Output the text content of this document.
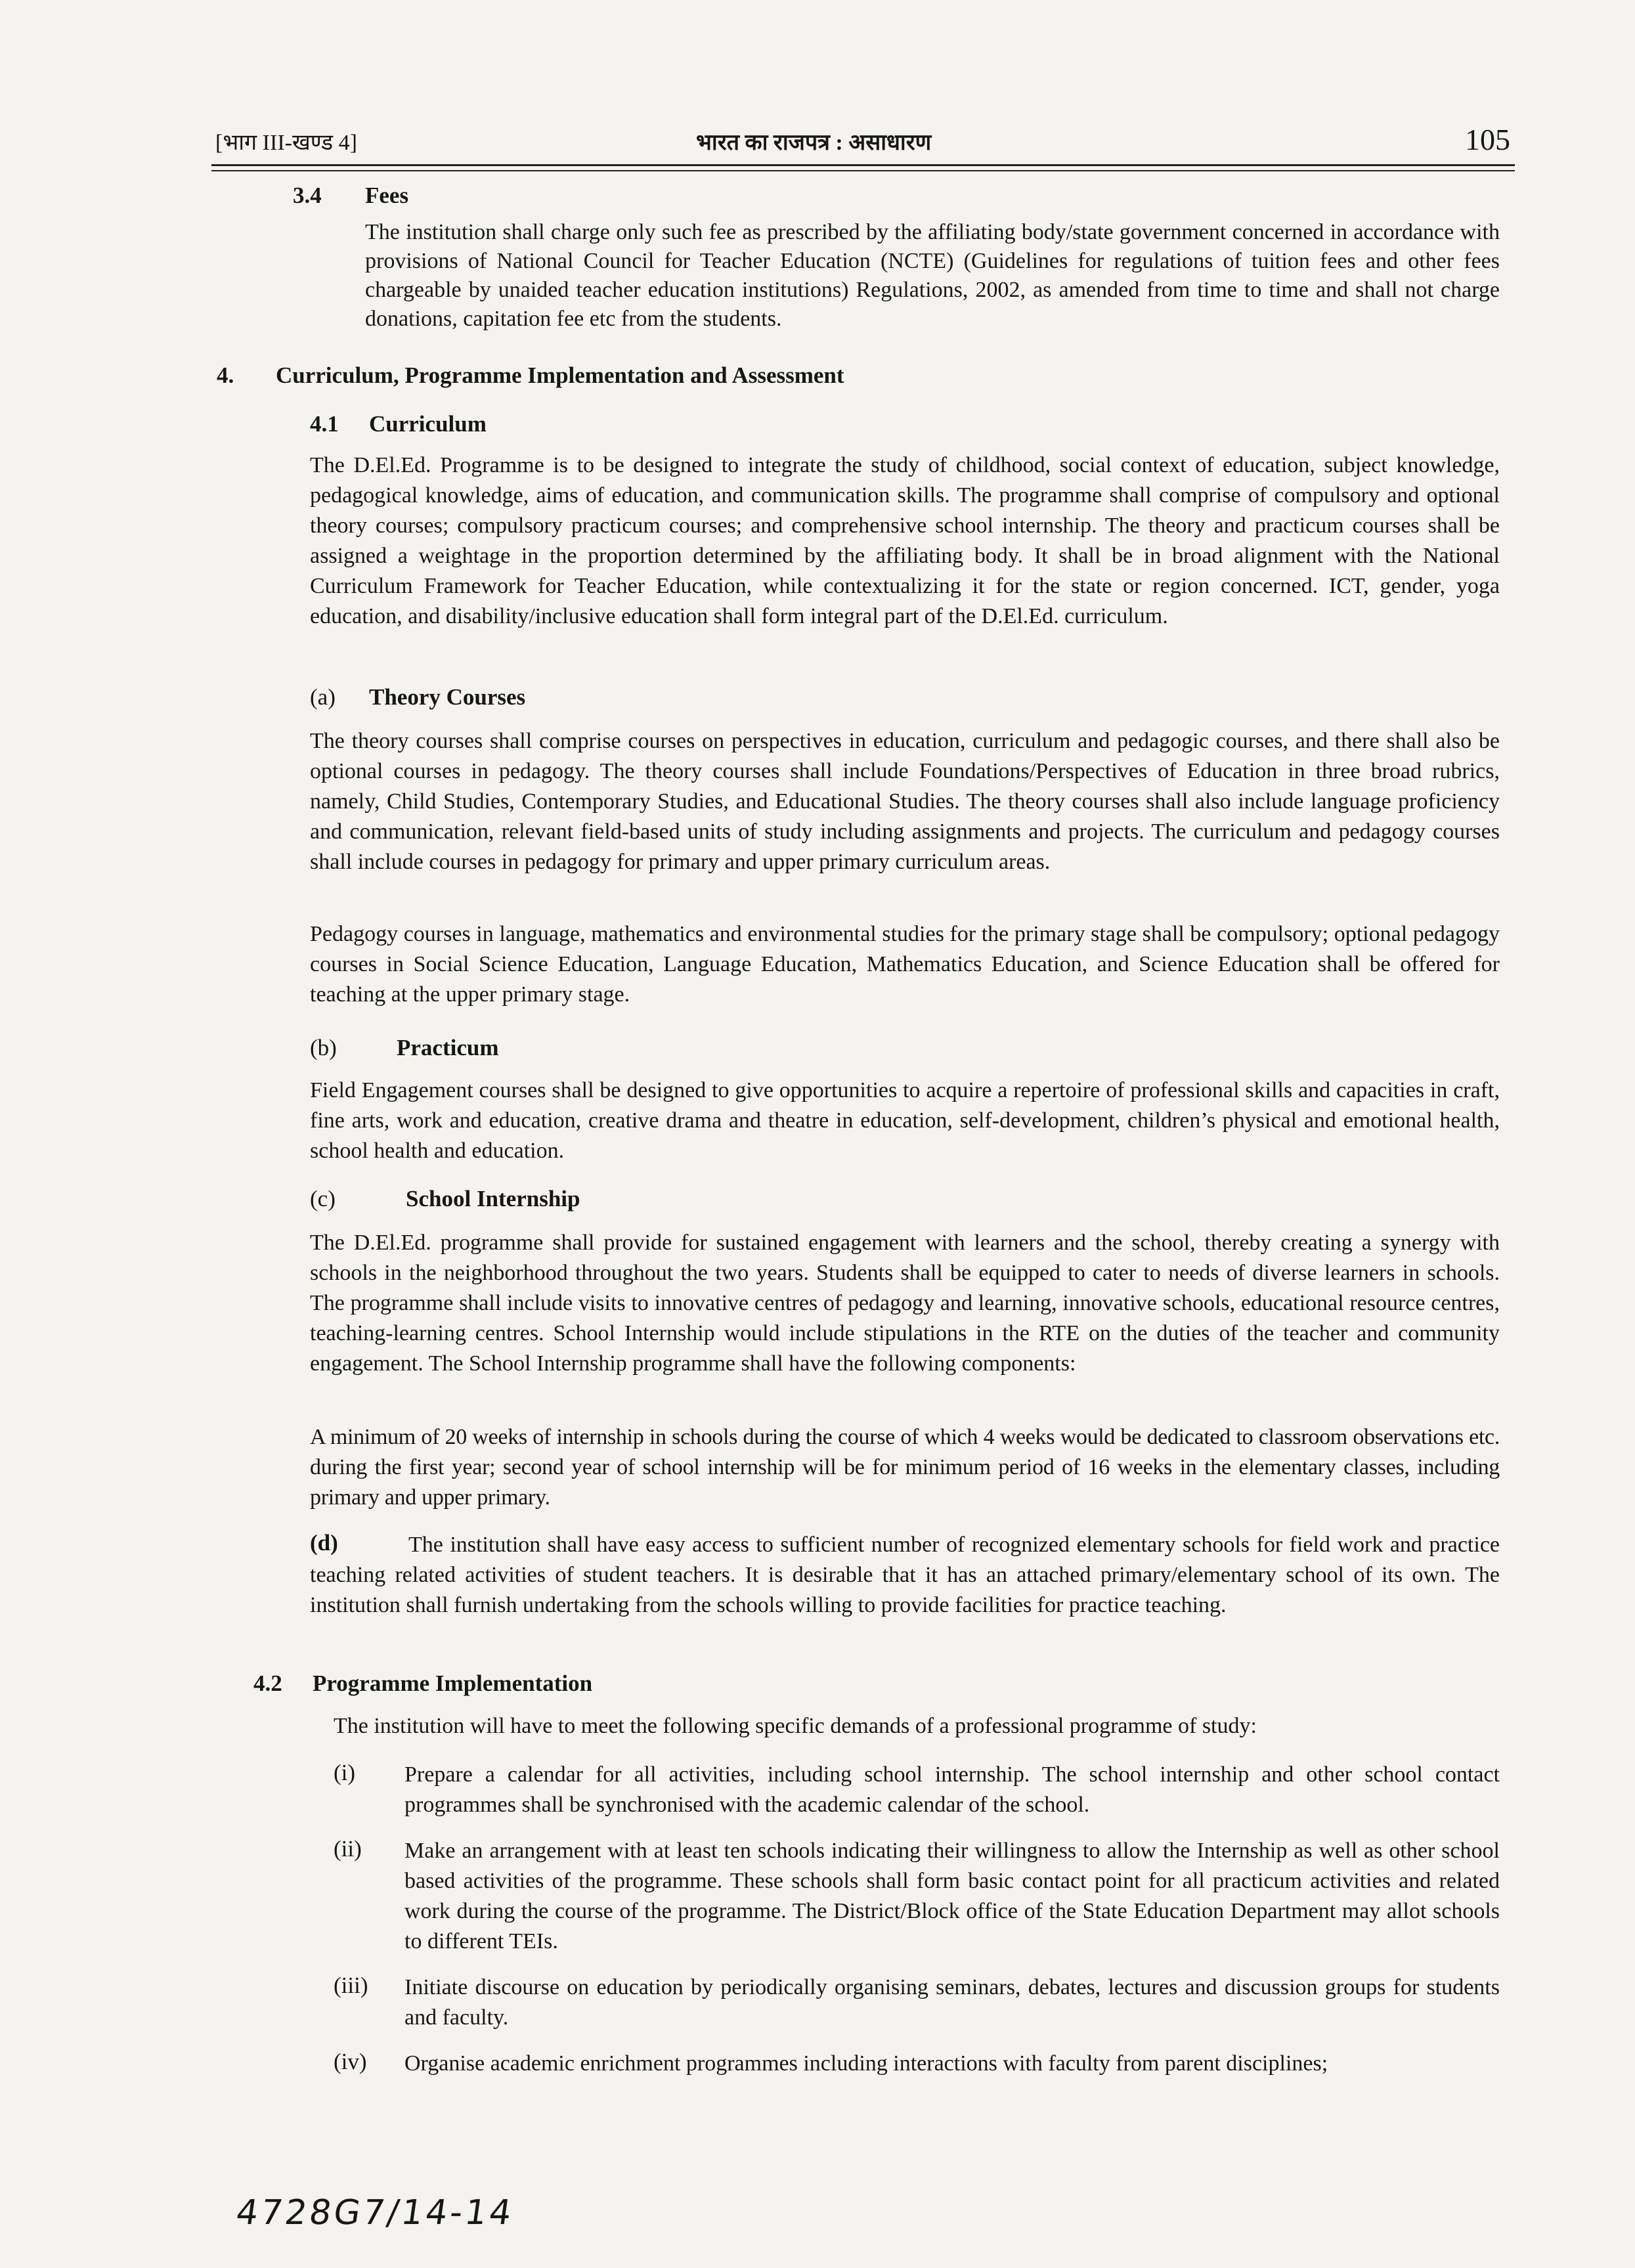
[भाग III-खण्ड 4]	भारत का राजपत्र : असाधारण	105
3.4 Fees
The institution shall charge only such fee as prescribed by the affiliating body/state government concerned in accordance with provisions of National Council for Teacher Education (NCTE) (Guidelines for regulations of tuition fees and other fees chargeable by unaided teacher education institutions) Regulations, 2002, as amended from time to time and shall not charge donations, capitation fee etc from the students.
4. Curriculum, Programme Implementation and Assessment
4.1 Curriculum
The D.El.Ed. Programme is to be designed to integrate the study of childhood, social context of education, subject knowledge, pedagogical knowledge, aims of education, and communication skills. The programme shall comprise of compulsory and optional theory courses; compulsory practicum courses; and comprehensive school internship. The theory and practicum courses shall be assigned a weightage in the proportion determined by the affiliating body. It shall be in broad alignment with the National Curriculum Framework for Teacher Education, while contextualizing it for the state or region concerned. ICT, gender, yoga education, and disability/inclusive education shall form integral part of the D.El.Ed. curriculum.
(a) Theory Courses
The theory courses shall comprise courses on perspectives in education, curriculum and pedagogic courses, and there shall also be optional courses in pedagogy. The theory courses shall include Foundations/Perspectives of Education in three broad rubrics, namely, Child Studies, Contemporary Studies, and Educational Studies. The theory courses shall also include language proficiency and communication, relevant field-based units of study including assignments and projects. The curriculum and pedagogy courses shall include courses in pedagogy for primary and upper primary curriculum areas.
Pedagogy courses in language, mathematics and environmental studies for the primary stage shall be compulsory; optional pedagogy courses in Social Science Education, Language Education, Mathematics Education, and Science Education shall be offered for teaching at the upper primary stage.
(b)	Practicum
Field Engagement courses shall be designed to give opportunities to acquire a repertoire of professional skills and capacities in craft, fine arts, work and education, creative drama and theatre in education, self-development, children’s physical and emotional health, school health and education.
(c)	School Internship
The D.El.Ed. programme shall provide for sustained engagement with learners and the school, thereby creating a synergy with schools in the neighborhood throughout the two years. Students shall be equipped to cater to needs of diverse learners in schools. The programme shall include visits to innovative centres of pedagogy and learning, innovative schools, educational resource centres, teaching-learning centres. School Internship would include stipulations in the RTE on the duties of the teacher and community engagement. The School Internship programme shall have the following components:
A minimum of 20 weeks of internship in schools during the course of which 4 weeks would be dedicated to classroom observations etc. during the first year; second year of school internship will be for minimum period of 16 weeks in the elementary classes, including primary and upper primary.
(d)	The institution shall have easy access to sufficient number of recognized elementary schools for field work and practice teaching related activities of student teachers. It is desirable that it has an attached primary/elementary school of its own. The institution shall furnish undertaking from the schools willing to provide facilities for practice teaching.
4.2 Programme Implementation
The institution will have to meet the following specific demands of a professional programme of study:
(i) Prepare a calendar for all activities, including school internship. The school internship and other school contact programmes shall be synchronised with the academic calendar of the school.
(ii) Make an arrangement with at least ten schools indicating their willingness to allow the Internship as well as other school based activities of the programme. These schools shall form basic contact point for all practicum activities and related work during the course of the programme. The District/Block office of the State Education Department may allot schools to different TEIs.
(iii) Initiate discourse on education by periodically organising seminars, debates, lectures and discussion groups for students and faculty.
(iv) Organise academic enrichment programmes including interactions with faculty from parent disciplines;
4728G7/14-14
